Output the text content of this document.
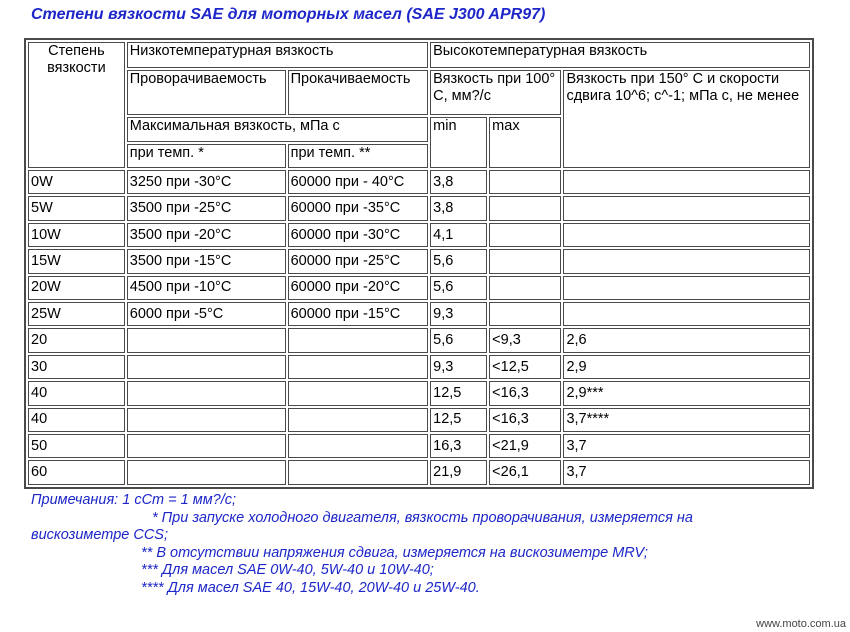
Степени вязкости SAE для моторных масел (SAE J300 APR97)
Степень вязкости	Низкотемпературная вязкость		Высокотемпературная вязкость		
	Проворачиваемость	Прокачиваемость	Вязкость при 100° С, мм?/с		Вязкость при 150° С и скорости сдвига 10^6; с^-1; мПа с, не менее
	Максимальная вязкость, мПа с		min	max	
	при темп. *	при темп. **			
0W	3250 при -30°С	60000 при - 40°С	3,8		
5W	3500 при -25°С	60000 при -35°С	3,8		
10W	3500 при -20°С	60000 при -30°С	4,1		
15W	3500 при -15°С	60000 при -25°С	5,6		
20W	4500 при -10°С	60000 при -20°С	5,6		
25W	6000 при -5°С	60000 при -15°С	9,3		
20			5,6	<9,3	2,6
30			9,3	<12,5	2,9
40			12,5	<16,3	2,9***
40			12,5	<16,3	3,7****
50			16,3	<21,9	3,7
60			21,9	<26,1	3,7
Примечания: 1 сСт = 1 мм?/с;
* При запуске холодного двигателя, вязкость проворачивания, измеряется на
вискозиметре CCS;
** В отсутствии напряжения сдвига, измеряется на вискозиметре MRV;
*** Для масел SAE 0W-40, 5W-40 и 10W-40;
**** Для масел SAE 40, 15W-40, 20W-40 и 25W-40.
www.moto.com.ua
